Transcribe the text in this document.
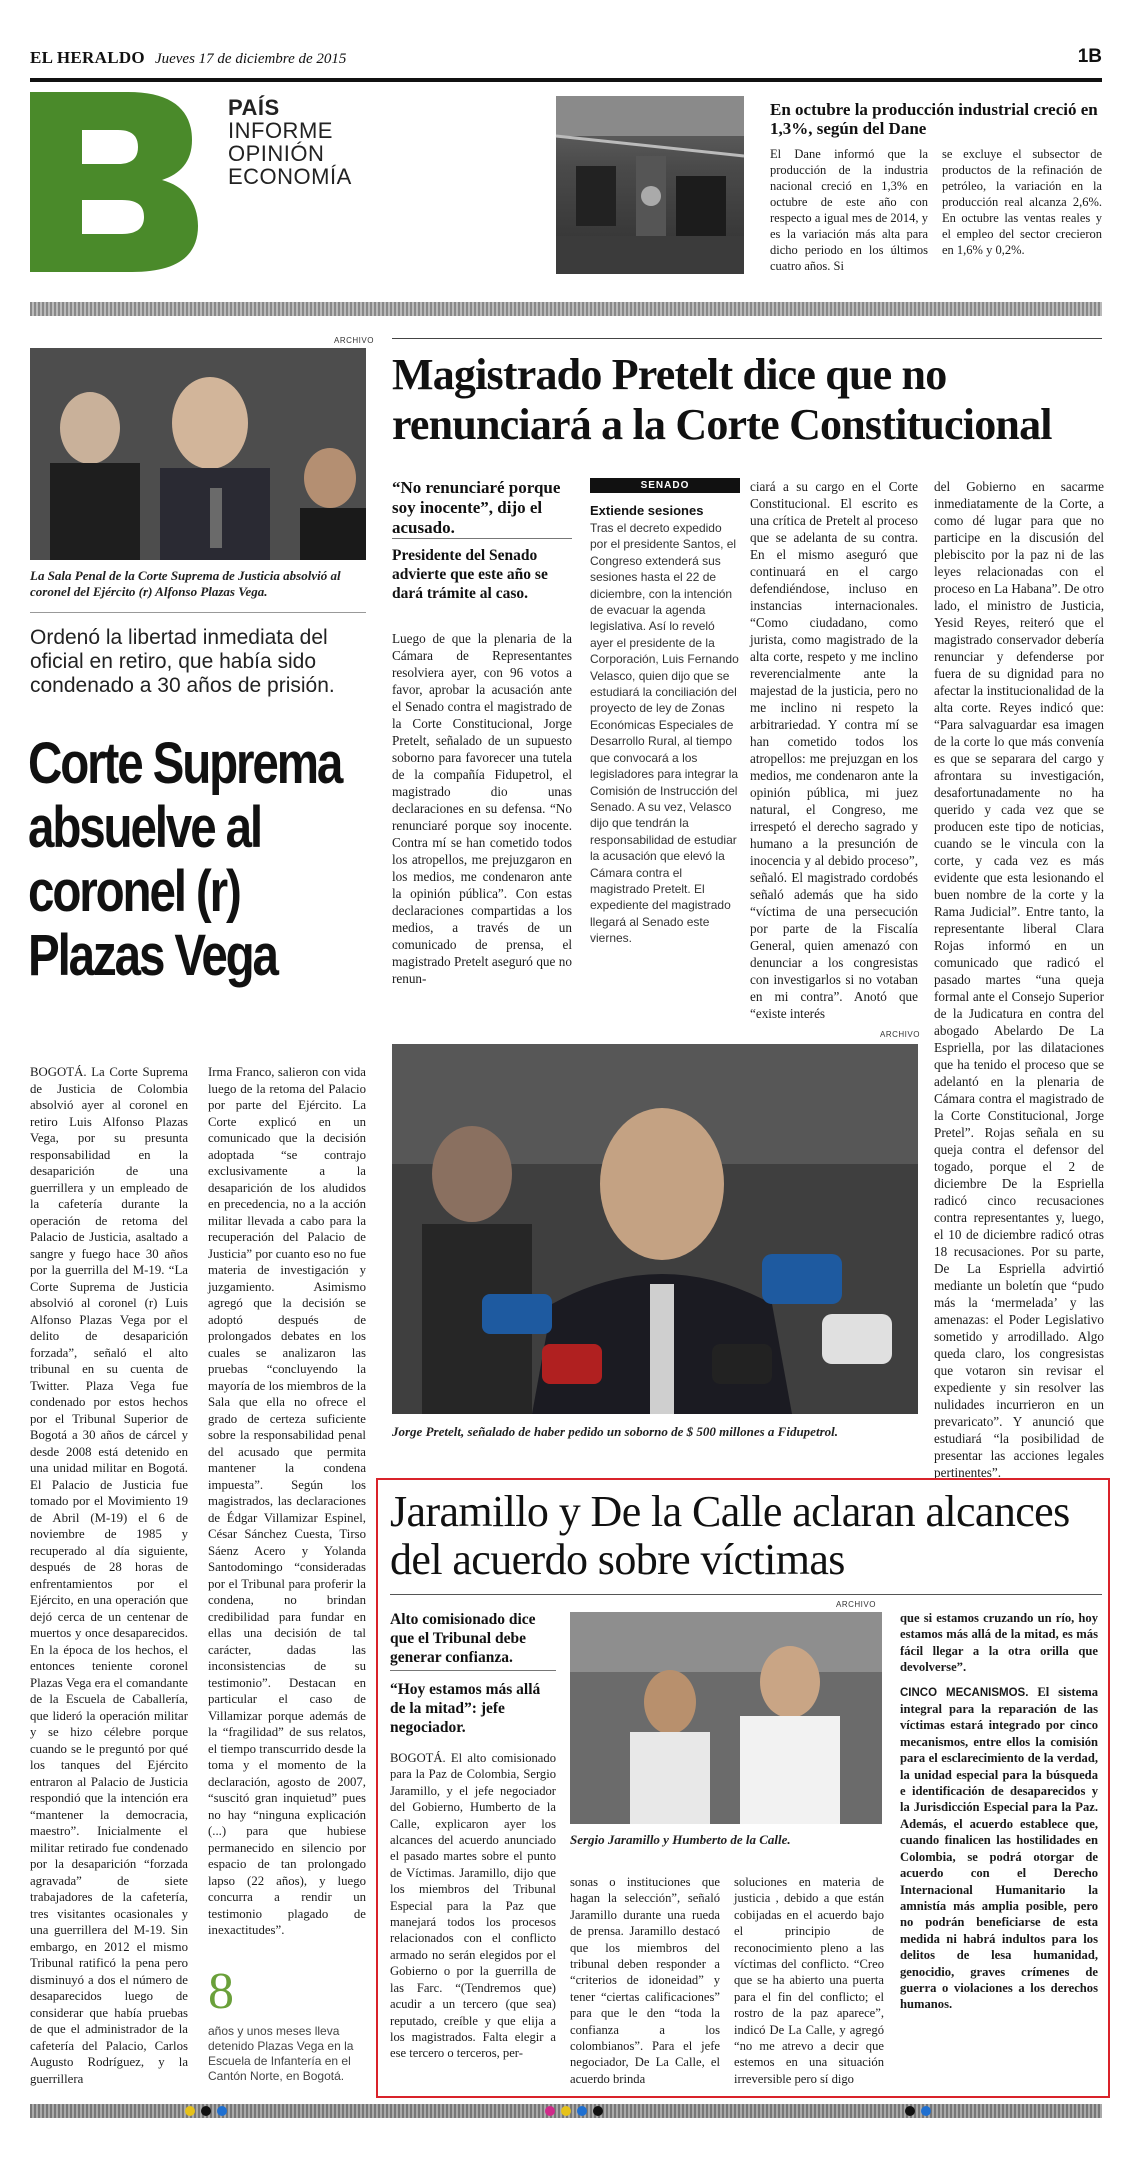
EL HERALDO Jueves 17 de diciembre de 2015	1B
PAÍS
INFORME
OPINIÓN
ECONOMÍA
En octubre la producción industrial creció en 1,3%, según del Dane
El Dane informó que la producción de la industria nacional creció en 1,3% en octubre de este año con respecto a igual mes de 2014, y es la variación más alta para dicho periodo en los últimos cuatro años. Si
se excluye el subsector de productos de la refinación de petróleo, la variación en la producción real alcanza 2,6%. En octubre las ventas reales y el empleo del sector crecieron en 1,6% y 0,2%.
ARCHIVO
La Sala Penal de la Corte Suprema de Justicia absolvió al coronel del Ejército (r) Alfonso Plazas Vega.
Ordenó la libertad inmediata del oficial en retiro, que había sido condenado a 30 años de prisión.
Corte Suprema absuelve al coronel (r) Plazas Vega
BOGOTÁ. La Corte Suprema de Justicia de Colombia absolvió ayer al coronel en retiro Luis Alfonso Plazas Vega, por su presunta responsabilidad en la desaparición de una guerrillera y un empleado de la cafetería durante la operación de retoma del Palacio de Justicia, asaltado a sangre y fuego hace 30 años por la guerrilla del M-19. “La Corte Suprema de Justicia absolvió al coronel (r) Luis Alfonso Plazas Vega por el delito de desaparición forzada”, señaló el alto tribunal en su cuenta de Twitter. Plaza Vega fue condenado por estos hechos por el Tribunal Superior de Bogotá a 30 años de cárcel y desde 2008 está detenido en una unidad militar en Bogotá. El Palacio de Justicia fue tomado por el Movimiento 19 de Abril (M-19) el 6 de noviembre de 1985 y recuperado al día siguiente, después de 28 horas de enfrentamientos por el Ejército, en una operación que dejó cerca de un centenar de muertos y once desaparecidos. En la época de los hechos, el entonces teniente coronel Plazas Vega era el comandante de la Escuela de Caballería, que lideró la operación militar y se hizo célebre porque cuando se le preguntó por qué los tanques del Ejército entraron al Palacio de Justicia respondió que la intención era “mantener la democracia, maestro”. Inicialmente el militar retirado fue condenado por la desaparición “forzada agravada” de siete trabajadores de la cafetería, tres visitantes ocasionales y una guerrillera del M-19. Sin embargo, en 2012 el mismo Tribunal ratificó la pena pero disminuyó a dos el número de desaparecidos luego de considerar que había pruebas de que el administrador de la cafetería del Palacio, Carlos Augusto Rodríguez, y la guerrillera
Irma Franco, salieron con vida luego de la retoma del Palacio por parte del Ejército. La Corte explicó en un comunicado que la decisión adoptada “se contrajo exclusivamente a la desaparición de los aludidos en precedencia, no a la acción militar llevada a cabo para la recuperación del Palacio de Justicia” por cuanto eso no fue materia de investigación y juzgamiento. Asimismo agregó que la decisión se adoptó después de prolongados debates en los cuales se analizaron las pruebas “concluyendo la mayoría de los miembros de la Sala que ella no ofrece el grado de certeza suficiente sobre la responsabilidad penal del acusado que permita mantener la condena impuesta”. Según los magistrados, las declaraciones de Édgar Villamizar Espinel, César Sánchez Cuesta, Tirso Sáenz Acero y Yolanda Santodomingo “consideradas por el Tribunal para proferir la condena, no brindan credibilidad para fundar en ellas una decisión de tal carácter, dadas las inconsistencias de su testimonio”. Destacan en particular el caso de Villamizar porque además de la “fragilidad” de sus relatos, el tiempo transcurrido desde la toma y el momento de la declaración, agosto de 2007, “suscitó gran inquietud” pues no hay “ninguna explicación (...) para que hubiese permanecido en silencio por espacio de tan prolongado lapso (22 años), y luego concurra a rendir un testimonio plagado de inexactitudes”.
8
años y unos meses lleva detenido Plazas Vega en la Escuela de Infantería en el Cantón Norte, en Bogotá.
Magistrado Pretelt dice que no renunciará a la Corte Constitucional
“No renunciaré porque soy inocente”, dijo el acusado.
Presidente del Senado advierte que este año se dará trámite al caso.
Luego de que la plenaria de la Cámara de Representantes resolviera ayer, con 96 votos a favor, aprobar la acusación ante el Senado contra el magistrado de la Corte Constitucional, Jorge Pretelt, señalado de un supuesto soborno para favorecer una tutela de la compañía Fidupetrol, el magistrado dio unas declaraciones en su defensa. “No renunciaré porque soy inocente. Contra mí se han cometido todos los atropellos, me prejuzgaron en los medios, me condenaron ante la opinión pública”. Con estas declaraciones compartidas a los medios, a través de un comunicado de prensa, el magistrado Pretelt aseguró que no renun-
SENADO
Extiende sesiones
Tras el decreto expedido por el presidente Santos, el Congreso extenderá sus sesiones hasta el 22 de diciembre, con la intención de evacuar la agenda legislativa. Así lo reveló ayer el presidente de la Corporación, Luis Fernando Velasco, quien dijo que se estudiará la conciliación del proyecto de ley de Zonas Económicas Especiales de Desarrollo Rural, al tiempo que convocará a los legisladores para integrar la Comisión de Instrucción del Senado. A su vez, Velasco dijo que tendrán la responsabilidad de estudiar la acusación que elevó la Cámara contra el magistrado Pretelt. El expediente del magistrado llegará al Senado este viernes.
ciará a su cargo en el Corte Constitucional. El escrito es una crítica de Pretelt al proceso que se adelanta de su contra. En el mismo aseguró que continuará en el cargo defendiéndose, incluso en instancias internacionales. “Como ciudadano, como jurista, como magistrado de la alta corte, respeto y me inclino reverencialmente ante la majestad de la justicia, pero no me inclino ni respeto la arbitrariedad. Y contra mí se han cometido todos los atropellos: me prejuzgan en los medios, me condenaron ante la opinión pública, mi juez natural, el Congreso, me irrespetó el derecho sagrado y humano a la presunción de inocencia y al debido proceso”, señaló. El magistrado cordobés señaló además que ha sido “víctima de una persecución por parte de la Fiscalía General, quien amenazó con denunciar a los congresistas con investigarlos si no votaban en mi contra”. Anotó que “existe interés
del Gobierno en sacarme inmediatamente de la Corte, a como dé lugar para que no participe en la discusión del plebiscito por la paz ni de las leyes relacionadas con el proceso en La Habana”. De otro lado, el ministro de Justicia, Yesid Reyes, reiteró que el magistrado conservador debería renunciar y defenderse por fuera de su dignidad para no afectar la institucionalidad de la alta corte. Reyes indicó que: “Para salvaguardar esa imagen de la corte lo que más convenía es que se separara del cargo y afrontara su investigación, desafortunadamente no ha querido y cada vez que se producen este tipo de noticias, cuando se le vincula con la corte, y cada vez es más evidente que esta lesionando el buen nombre de la corte y la Rama Judicial”. Entre tanto, la representante liberal Clara Rojas informó en un comunicado que radicó el pasado martes “una queja formal ante el Consejo Superior de la Judicatura en contra del abogado Abelardo De La Espriella, por las dilataciones que ha tenido el proceso que se adelantó en la plenaria de Cámara contra el magistrado de la Corte Constitucional, Jorge Pretel”. Rojas señala en su queja contra el defensor del togado, porque el 2 de diciembre De la Espriella radicó cinco recusaciones contra representantes y, luego, el 10 de diciembre radicó otras 18 recusaciones. Por su parte, De La Espriella advirtió mediante un boletín que “pudo más la ‘mermelada’ y las amenazas: el Poder Legislativo sometido y arrodillado. Algo queda claro, los congresistas que votaron sin revisar el expediente y sin resolver las nulidades incurrieron en un prevaricato”. Y anunció que estudiará “la posibilidad de presentar las acciones legales pertinentes”.
ARCHIVO
Jorge Pretelt, señalado de haber pedido un soborno de $ 500 millones a Fidupetrol.
Jaramillo y De la Calle aclaran alcances del acuerdo sobre víctimas
Alto comisionado dice que el Tribunal debe generar confianza.
“Hoy estamos más allá de la mitad”: jefe negociador.
BOGOTÁ. El alto comisionado para la Paz de Colombia, Sergio Jaramillo, y el jefe negociador del Gobierno, Humberto de la Calle, explicaron ayer los alcances del acuerdo anunciado el pasado martes sobre el punto de Víctimas. Jaramillo, dijo que los miembros del Tribunal Especial para la Paz que manejará todos los procesos relacionados con el conflicto armado no serán elegidos por el Gobierno o por la guerrilla de las Farc. “(Tendremos que) acudir a un tercero (que sea) reputado, creíble y que elija a los magistrados. Falta elegir a ese tercero o terceros, per-
ARCHIVO
Sergio Jaramillo y Humberto de la Calle.
sonas o instituciones que hagan la selección”, señaló Jaramillo durante una rueda de prensa. Jaramillo destacó que los miembros del tribunal deben responder a “criterios de idoneidad” y tener “ciertas calificaciones” para que le den “toda la confianza a los colombianos”. Para el jefe negociador, De La Calle, el acuerdo brinda
soluciones en materia de justicia , debido a que están cobijadas en el acuerdo bajo el principio de reconocimiento pleno a las víctimas del conflicto. “Creo que se ha abierto una puerta para el fin del conflicto; el rostro de la paz aparece”, indicó De La Calle, y agregó “no me atrevo a decir que estemos en una situación irreversible pero sí digo
que si estamos cruzando un río, hoy estamos más allá de la mitad, es más fácil llegar a la otra orilla que devolverse”.
CINCO MECANISMOS. El sistema integral para la reparación de las víctimas estará integrado por cinco mecanismos, entre ellos la comisión para el esclarecimiento de la verdad, la unidad especial para la búsqueda e identificación de desaparecidos y la Jurisdicción Especial para la Paz. Además, el acuerdo establece que, cuando finalicen las hostilidades en Colombia, se podrá otorgar de acuerdo con el Derecho Internacional Humanitario la amnistía más amplia posible, pero no podrán beneficiarse de esta medida ni habrá indultos para los delitos de lesa humanidad, genocidio, graves crímenes de guerra o violaciones a los derechos humanos.
